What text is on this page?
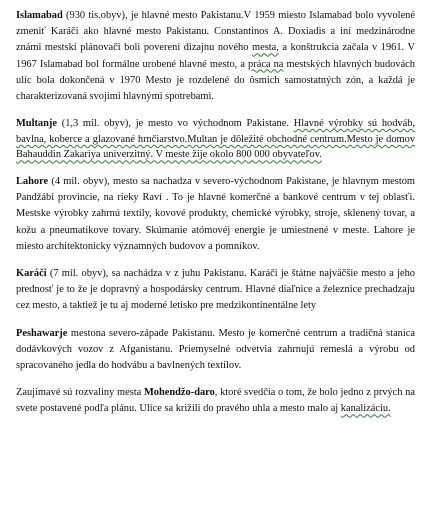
Islamabad (930 tis.obyv), je hlavné mesto Pakistanu.V 1959 miesto Islamabad bolo vyvolené zmeniť Karáči ako hlavné mesto Pakistanu. Constantinos A. Doxiadis a iní medzinárodne známi mestskí plánovači boli poverení dizajnu nového mesta, a konštrukcia začala v 1961. V 1967 Islamabad bol formálne urobené hlavné mesto, a práca na mestských hlavných budovách ulíc bola dokončená v 1970 Mesto je rozdelené do ôsmich samostatných zón, a každá je charakterizovaná svojimi hlavnými spotrebami.

Multanje (1,3 mil. obyv), je mesto vo východnom Pakistane. Hlavné výrobky sú hodváb, bavlna, koberce a glazované hrnčiarstvo.Multan je dôležité obchodné centrum.Mesto je domov Bahauddin Zakariya univerzitný. V meste žije okolo 800 000 obyvateľov.

Lahore (4 mil. obyv), mesto sa nachadza v severo-východnom Pakistane, je hlavnym mestom Pandžábi provincie, na rieky Raví . To je hlavné komerčné a bankové centrum v tej oblasťi. Mestske výrobky zahrnú textily, kovové produkty, chemické výrobky, stroje, sklenený tovar, a kožu a pneumatikove tovary. Skúmanie atómovéj energie je umiestnené v meste. Lahore je miesto architektonicky významných budovov a pomníkov.

Karáči (7 mil. obyv), sa nachádza v z juhu Pakistanu. Karáči je štátne najväčšie mesto a jeho prednosť je to že je dopravný a hospodársky centrum. Hlavné diaľnice a železnice prechadzaju cez mesto, a taktiež je tu aj moderné letisko pre medzikontinentálne lety

Peshawarje mestona severo-západe Pakistanu. Mesto je komerčné centrum a tradičná stanica dodávkových vozov z Afganistanu. Priemyselné odvetvia zahrnujú remeslá a výrobu od spracovaného jedla do hodvábu a bavlnených textilov.

Zaujímavé sú rozvaliny mesta Mohendžo-daro, ktoré svedčia o tom, že bolo jedno z prvých na svete postavené podľa plánu. Ulice sa križili do pravého uhla a mesto malo aj kanalizáciu.
